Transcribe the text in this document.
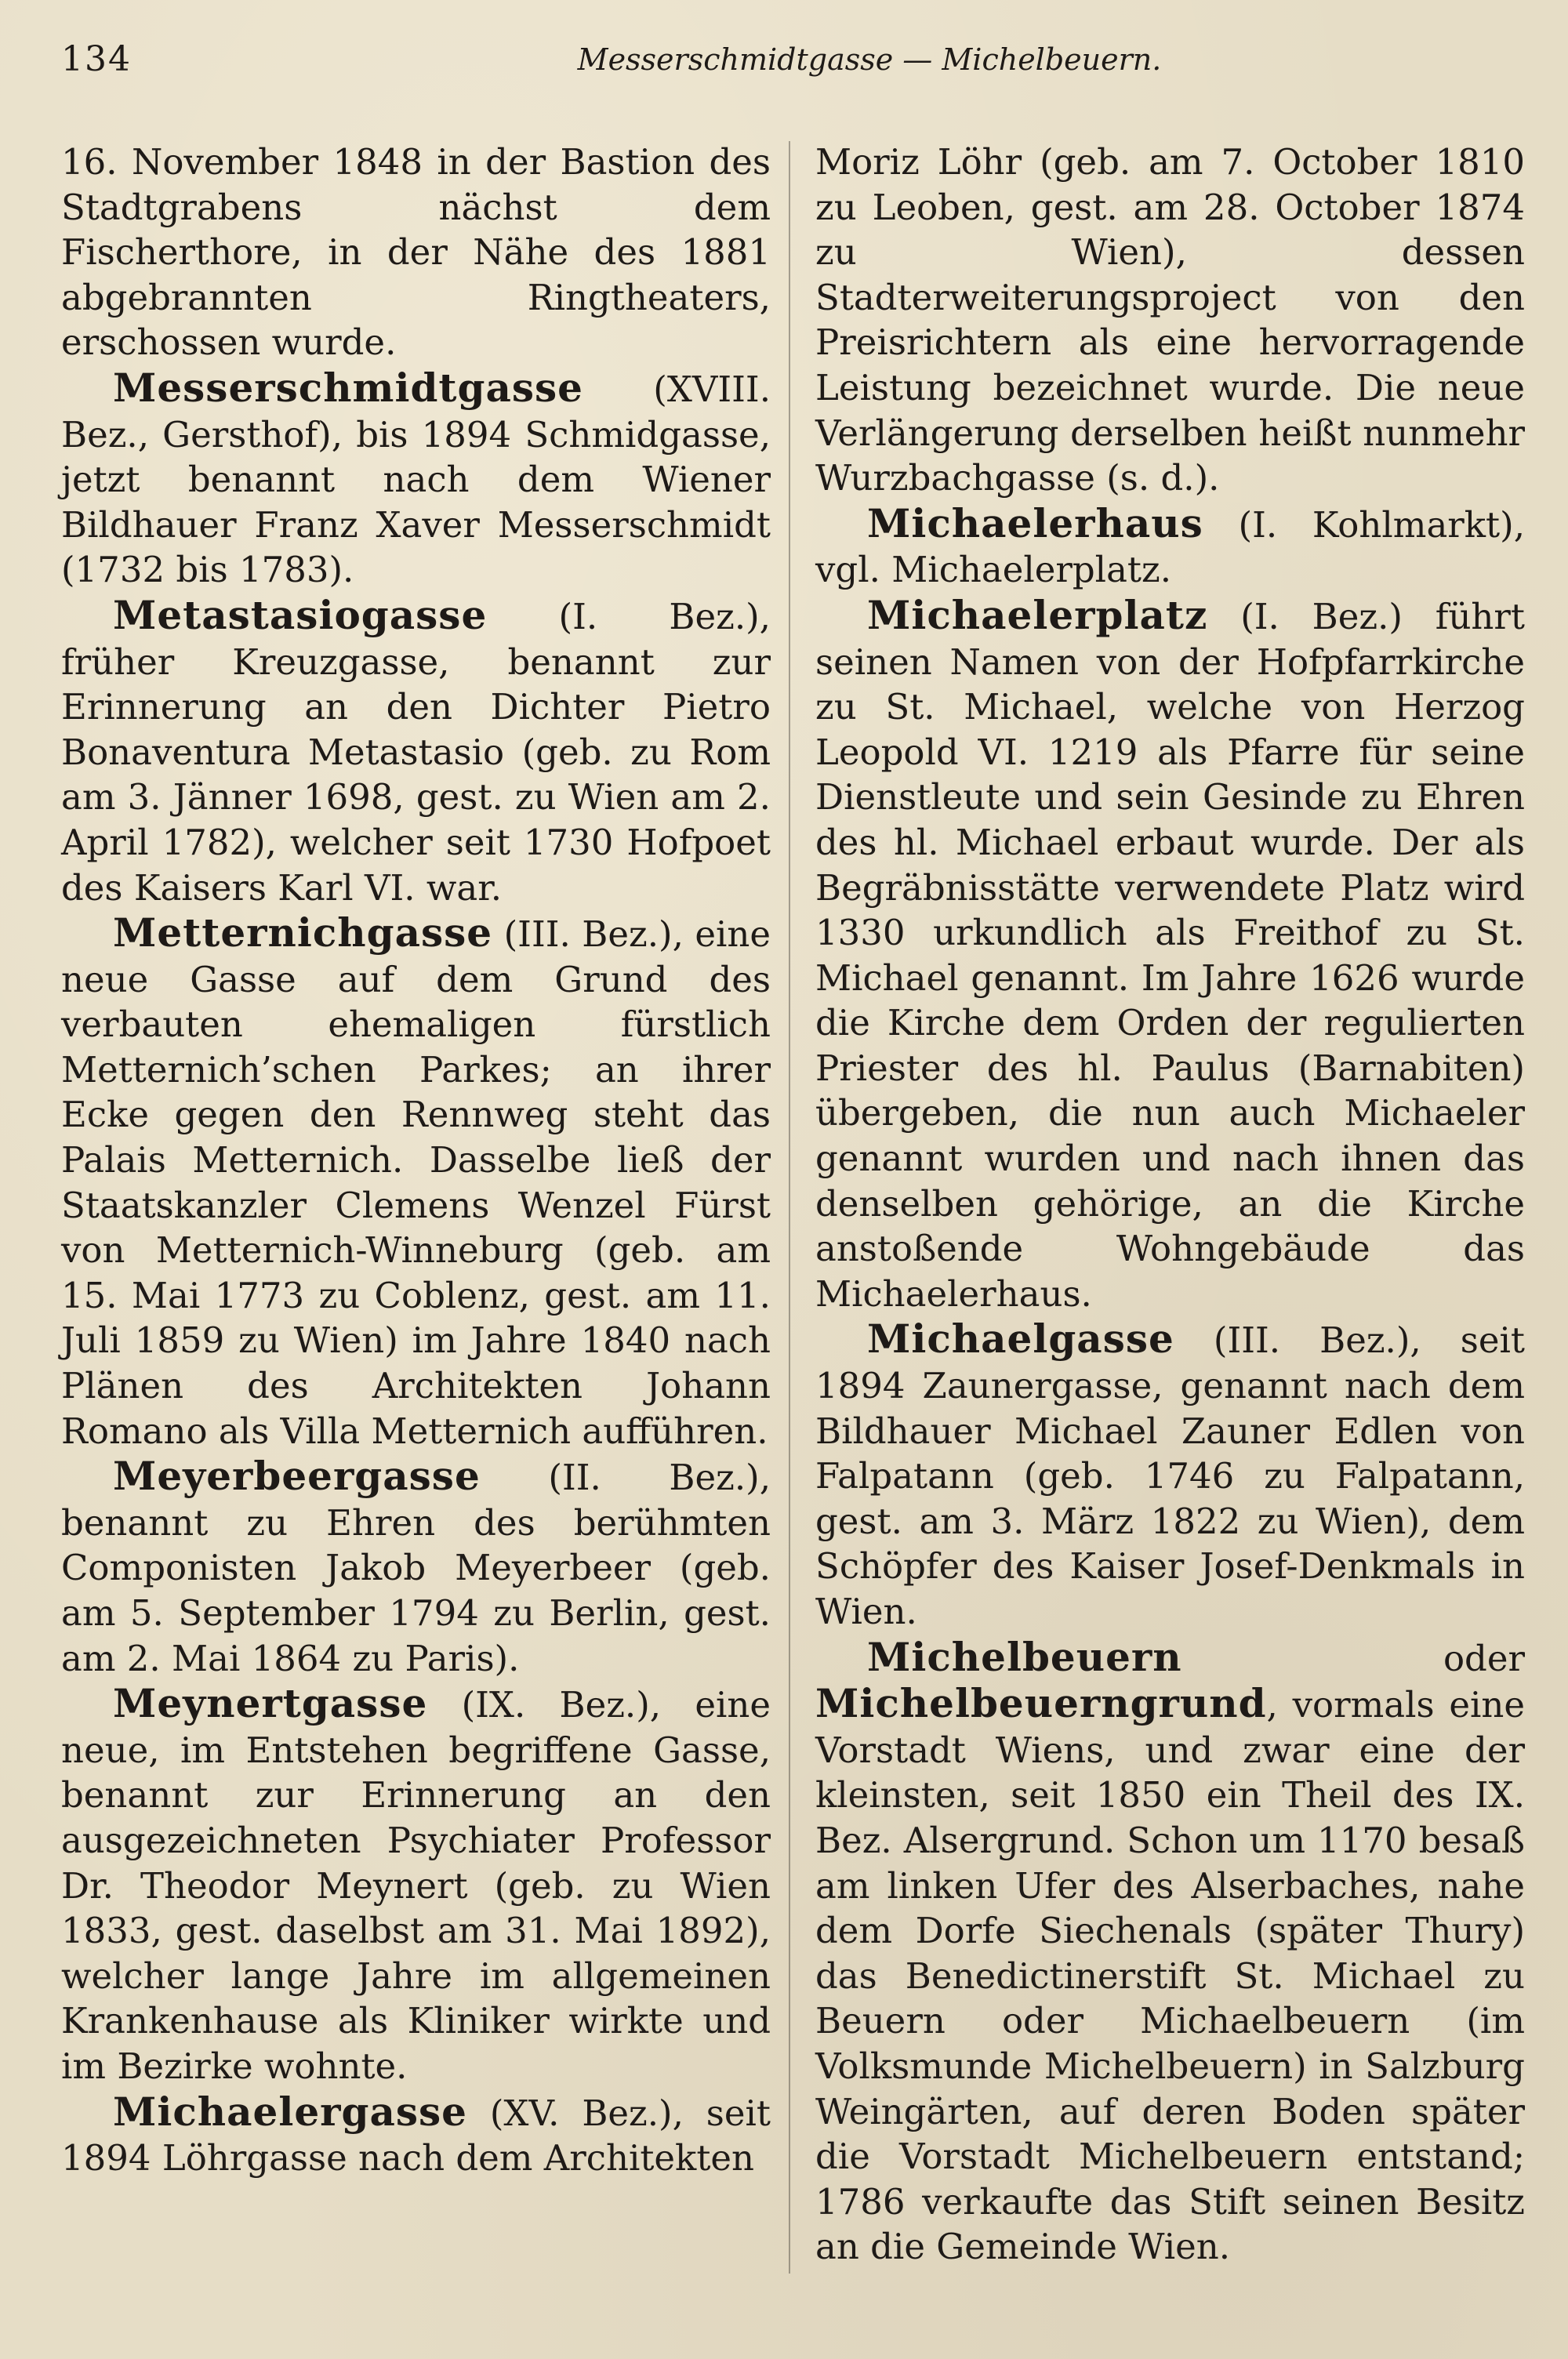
134	Messerschmidtgasse — Michelbeuern.

16. November 1848 in der Bastion des Stadtgrabens nächst dem Fischerthore, in der Nähe des 1881 abgebrannten Ringtheaters, erschossen wurde.

Messerschmidtgasse (XVIII. Bez., Gersthof), bis 1894 Schmidgasse, jetzt benannt nach dem Wiener Bildhauer Franz Xaver Messerschmidt (1732 bis 1783).

Metastasiogasse (I. Bez.), früher Kreuzgasse, benannt zur Erinnerung an den Dichter Pietro Bonaventura Metastasio (geb. zu Rom am 3. Jänner 1698, gest. zu Wien am 2. April 1782), welcher seit 1730 Hofpoet des Kaisers Karl VI. war.

Metternichgasse (III. Bez.), eine neue Gasse auf dem Grund des verbauten ehemaligen fürstlich Metternich’schen Parkes; an ihrer Ecke gegen den Rennweg steht das Palais Metternich. Dasselbe ließ der Staatskanzler Clemens Wenzel Fürst von Metternich-Winneburg (geb. am 15. Mai 1773 zu Coblenz, gest. am 11. Juli 1859 zu Wien) im Jahre 1840 nach Plänen des Architekten Johann Romano als Villa Metternich aufführen.

Meyerbeergasse (II. Bez.), benannt zu Ehren des berühmten Componisten Jakob Meyerbeer (geb. am 5. September 1794 zu Berlin, gest. am 2. Mai 1864 zu Paris).

Meynertgasse (IX. Bez.), eine neue, im Entstehen begriffene Gasse, benannt zur Erinnerung an den ausgezeichneten Psychiater Professor Dr. Theodor Meynert (geb. zu Wien 1833, gest. daselbst am 31. Mai 1892), welcher lange Jahre im allgemeinen Krankenhause als Kliniker wirkte und im Bezirke wohnte.

Michaelergasse (XV. Bez.), seit 1894 Löhrgasse nach dem Architekten

Moriz Löhr (geb. am 7. October 1810 zu Leoben, gest. am 28. October 1874 zu Wien), dessen Stadterweiterungsproject von den Preisrichtern als eine hervorragende Leistung bezeichnet wurde. Die neue Verlängerung derselben heißt nunmehr Wurzbachgasse (s. d.).

Michaelerhaus (I. Kohlmarkt), vgl. Michaelerplatz.

Michaelerplatz (I. Bez.) führt seinen Namen von der Hofpfarrkirche zu St. Michael, welche von Herzog Leopold VI. 1219 als Pfarre für seine Dienstleute und sein Gesinde zu Ehren des hl. Michael erbaut wurde. Der als Begräbnisstätte verwendete Platz wird 1330 urkundlich als Freithof zu St. Michael genannt. Im Jahre 1626 wurde die Kirche dem Orden der regulierten Priester des hl. Paulus (Barnabiten) übergeben, die nun auch Michaeler genannt wurden und nach ihnen das denselben gehörige, an die Kirche anstoßende Wohngebäude das Michaelerhaus.

Michaelgasse (III. Bez.), seit 1894 Zaunergasse, genannt nach dem Bildhauer Michael Zauner Edlen von Falpatann (geb. 1746 zu Falpatann, gest. am 3. März 1822 zu Wien), dem Schöpfer des Kaiser Josef-Denkmals in Wien.

Michelbeuern oder Michelbeuerngrund, vormals eine Vorstadt Wiens, und zwar eine der kleinsten, seit 1850 ein Theil des IX. Bez. Alsergrund. Schon um 1170 besaß am linken Ufer des Alserbaches, nahe dem Dorfe Siechenals (später Thury) das Benedictinerstift St. Michael zu Beuern oder Michaelbeuern (im Volksmunde Michelbeuern) in Salzburg Weingärten, auf deren Boden später die Vorstadt Michelbeuern entstand; 1786 verkaufte das Stift seinen Besitz an die Gemeinde Wien.
